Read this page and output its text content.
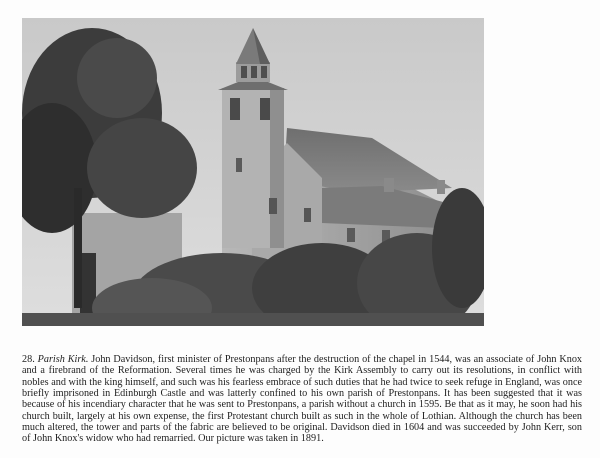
28. Parish Kirk. John Davidson, first minister of Prestonpans after the destruction of the chapel in 1544, was an associate of John Knox and a firebrand of the Reformation. Several times he was charged by the Kirk Assembly to carry out its resolutions, in conflict with nobles and with the king himself, and such was his fearless embrace of such duties that he had twice to seek refuge in England, was once briefly imprisoned in Edinburgh Castle and was latterly confined to his own parish of Prestonpans. It has been suggested that it was because of his incendiary character that he was sent to Prestonpans, a parish without a church in 1595. Be that as it may, he soon had his church built, largely at his own expense, the first Protestant church built as such in the whole of Lothian. Although the church has been much altered, the tower and parts of the fabric are believed to be original. Davidson died in 1604 and was succeeded by John Kerr, son of John Knox's widow who had remarried. Our picture was taken in 1891.
